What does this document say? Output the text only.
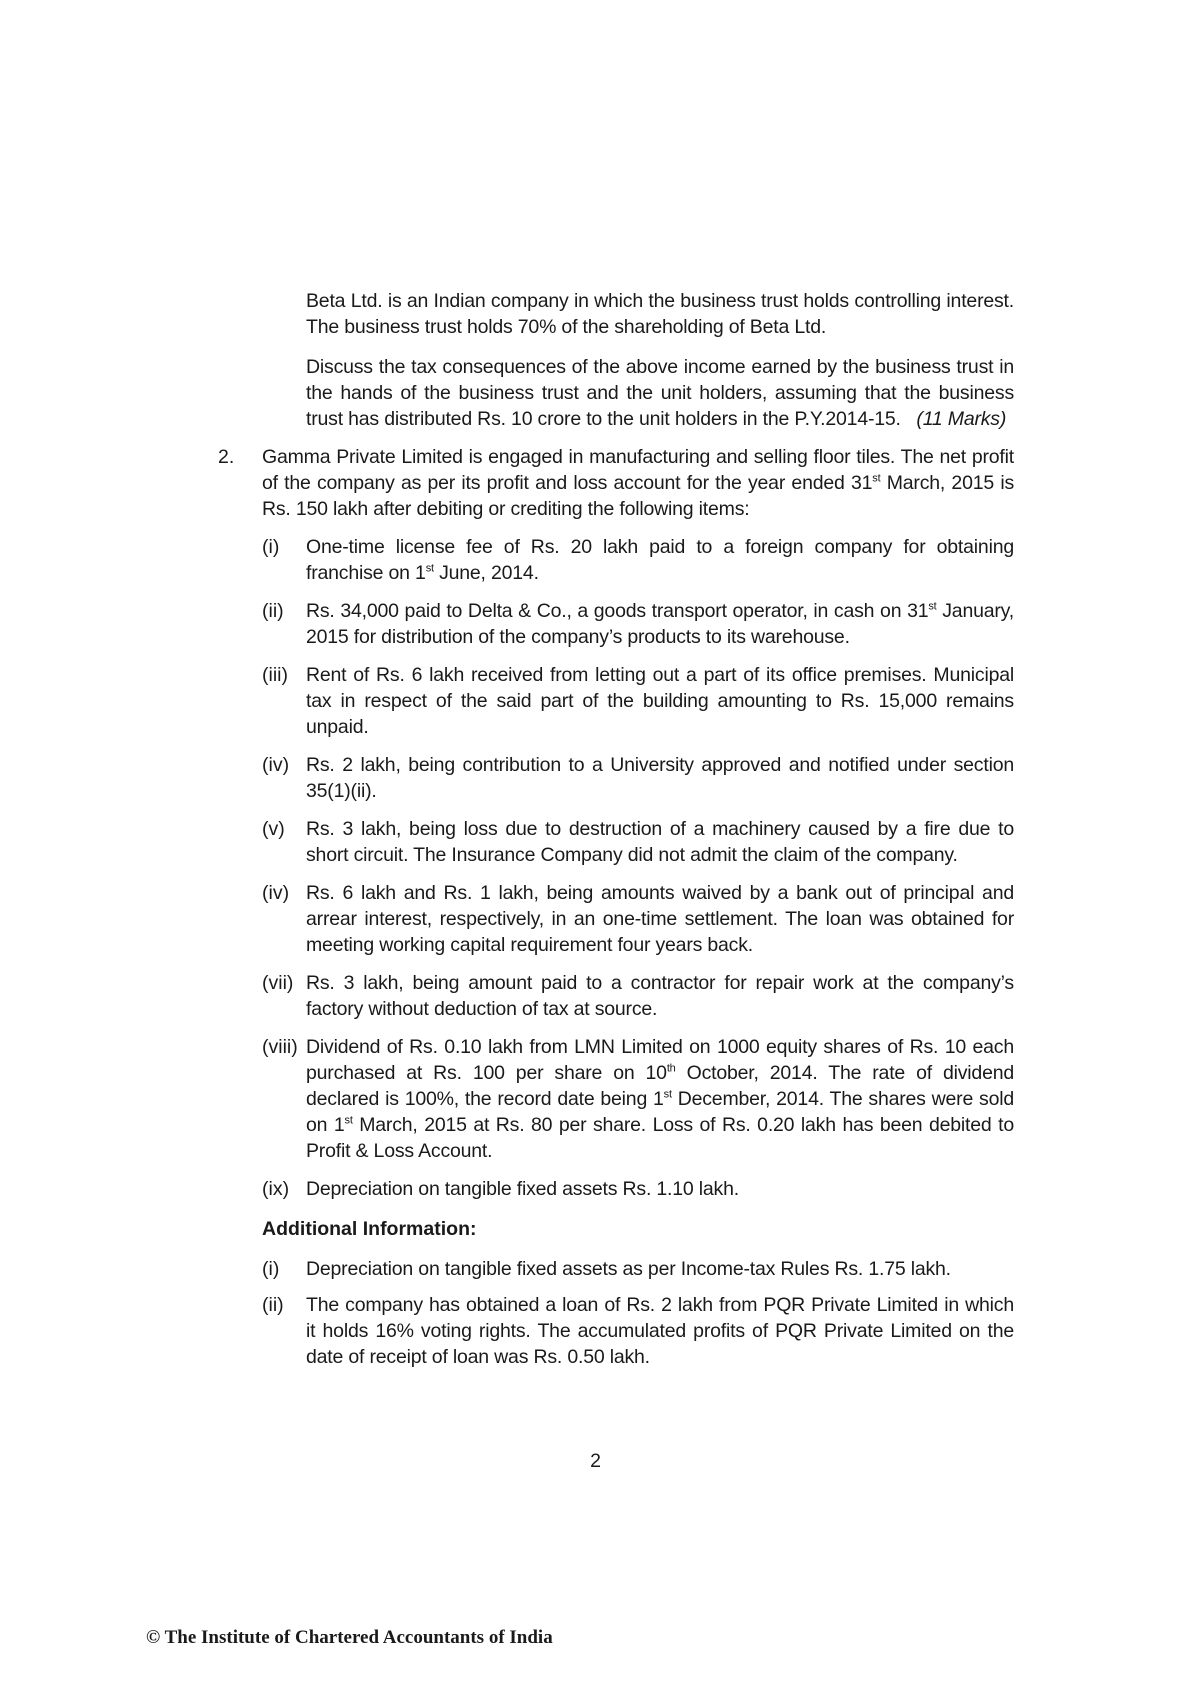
Beta Ltd. is an Indian company in which the business trust holds controlling interest. The business trust holds 70% of the shareholding of Beta Ltd.
Discuss the tax consequences of the above income earned by the business trust in the hands of the business trust and the unit holders, assuming that the business trust has distributed Rs. 10 crore to the unit holders in the P.Y.2014-15. (11 Marks)
2. Gamma Private Limited is engaged in manufacturing and selling floor tiles. The net profit of the company as per its profit and loss account for the year ended 31st March, 2015 is Rs. 150 lakh after debiting or crediting the following items:
(i) One-time license fee of Rs. 20 lakh paid to a foreign company for obtaining franchise on 1st June, 2014.
(ii) Rs. 34,000 paid to Delta & Co., a goods transport operator, in cash on 31st January, 2015 for distribution of the company’s products to its warehouse.
(iii) Rent of Rs. 6 lakh received from letting out a part of its office premises. Municipal tax in respect of the said part of the building amounting to Rs. 15,000 remains unpaid.
(iv) Rs. 2 lakh, being contribution to a University approved and notified under section 35(1)(ii).
(v) Rs. 3 lakh, being loss due to destruction of a machinery caused by a fire due to short circuit. The Insurance Company did not admit the claim of the company.
(iv) Rs. 6 lakh and Rs. 1 lakh, being amounts waived by a bank out of principal and arrear interest, respectively, in an one-time settlement. The loan was obtained for meeting working capital requirement four years back.
(vii) Rs. 3 lakh, being amount paid to a contractor for repair work at the company’s factory without deduction of tax at source.
(viii) Dividend of Rs. 0.10 lakh from LMN Limited on 1000 equity shares of Rs. 10 each purchased at Rs. 100 per share on 10th October, 2014. The rate of dividend declared is 100%, the record date being 1st December, 2014. The shares were sold on 1st March, 2015 at Rs. 80 per share. Loss of Rs. 0.20 lakh has been debited to Profit & Loss Account.
(ix) Depreciation on tangible fixed assets Rs. 1.10 lakh.
Additional Information:
(i) Depreciation on tangible fixed assets as per Income-tax Rules Rs. 1.75 lakh.
(ii) The company has obtained a loan of Rs. 2 lakh from PQR Private Limited in which it holds 16% voting rights. The accumulated profits of PQR Private Limited on the date of receipt of loan was Rs. 0.50 lakh.
2
© The Institute of Chartered Accountants of India
